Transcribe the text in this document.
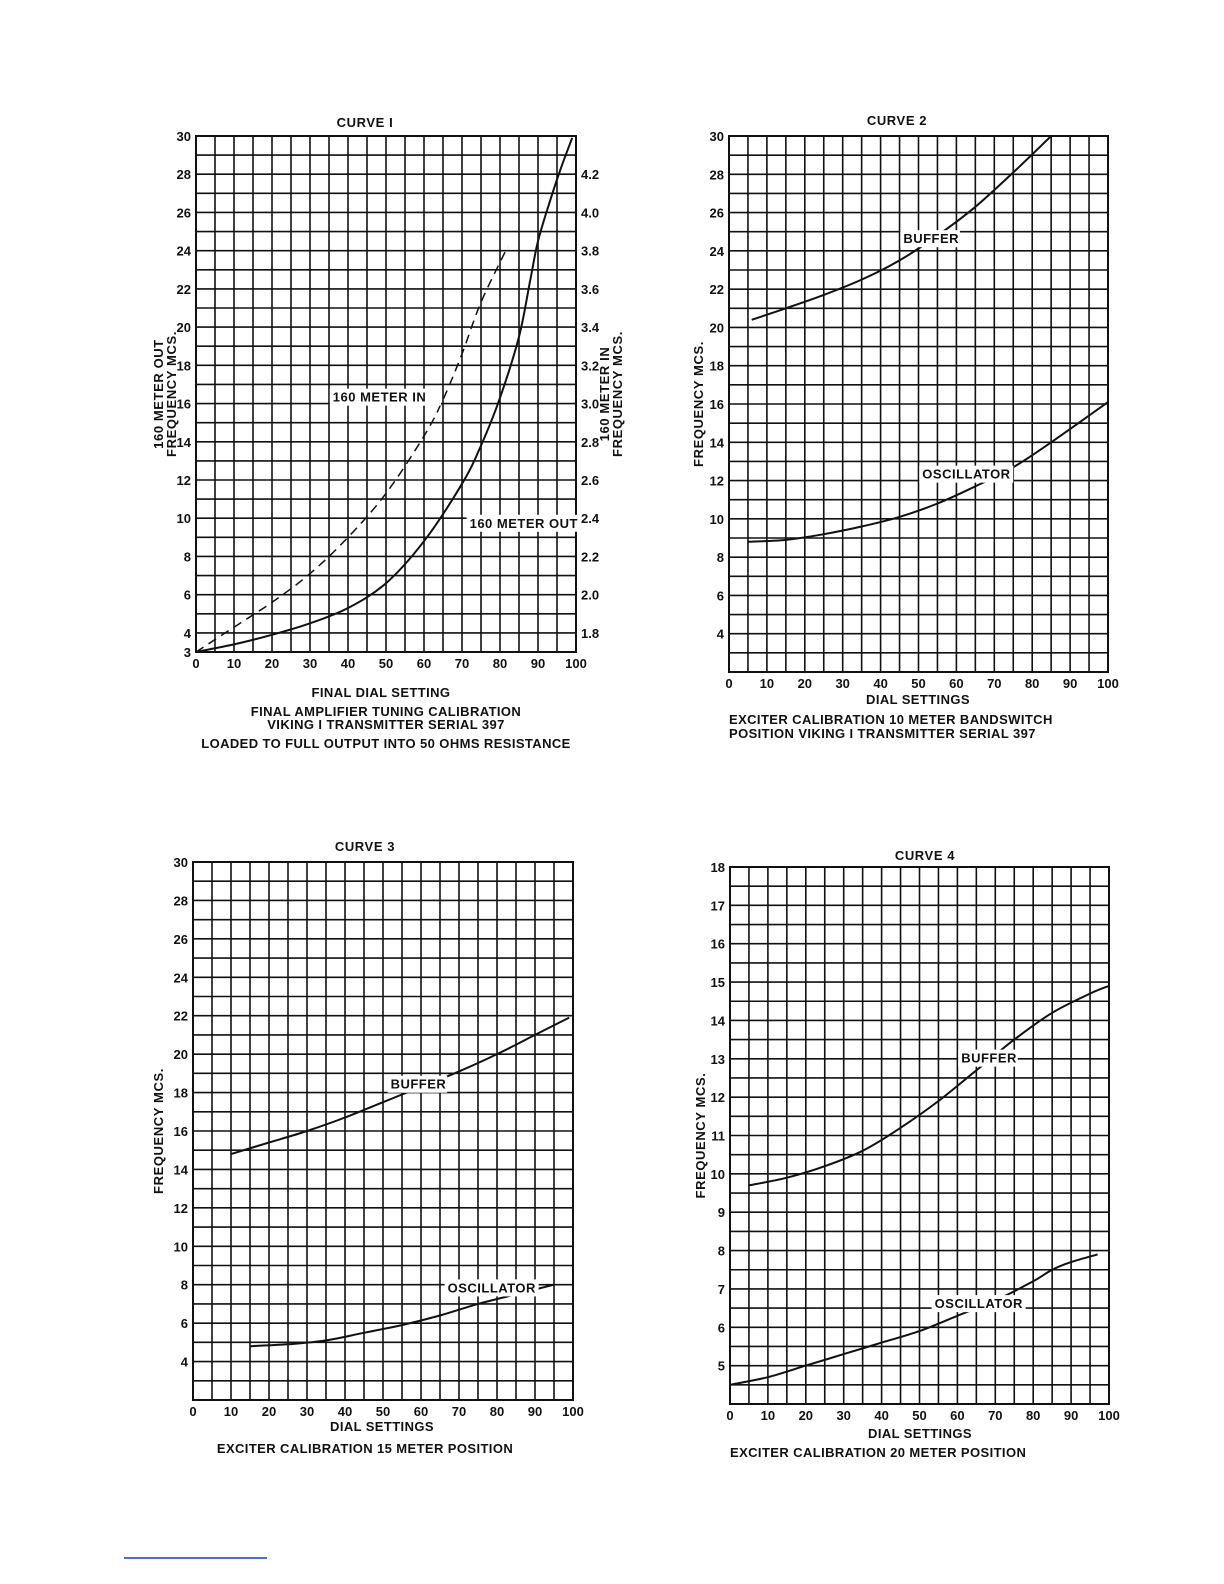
160 METER IN
160 METER OUT
0 10 20 30 40 50 60 70 80 90 100
3
4
6
8
10
12
14
16
18
20
22
24
26
28
30
1.8
2.0
2.2
2.4
2.6
2.8
3.0
3.2
3.4
3.6
3.8
4.0
4.2
CURVE I
FINAL DIAL SETTING
160 METER OUT
FREQUENCY MCS.	160 METER IN
FREQUENCY MCS.
FINAL AMPLIFIER TUNING CALIBRATION
VIKING I TRANSMITTER SERIAL 397
LOADED TO FULL OUTPUT INTO 50 OHMS RESISTANCE
BUFFER
OSCILLATOR
0 10 20 30 40 50 60 70 80 90 100
4
6
8
10
12
14
16
18
20
22
24
26
28
30
CURVE 2
DIAL SETTINGS
FREQUENCY MCS.
EXCITER CALIBRATION 10 METER BANDSWITCH
POSITION VIKING I TRANSMITTER SERIAL 397
BUFFER
OSCILLATOR
0 10 20 30 40 50 60 70 80 90 100
4
6
8
10
12
14
16
18
20
22
24
26
28
30
CURVE 3
DIAL SETTINGS
FREQUENCY MCS.
EXCITER CALIBRATION 15 METER POSITION
BUFFER
OSCILLATOR
0 10 20 30 40 50 60 70 80 90 100
5
6
7
8
9
10
11
12
13
14
15
16
17
18
CURVE 4
DIAL SETTINGS
FREQUENCY MCS.
EXCITER CALIBRATION 20 METER POSITION
